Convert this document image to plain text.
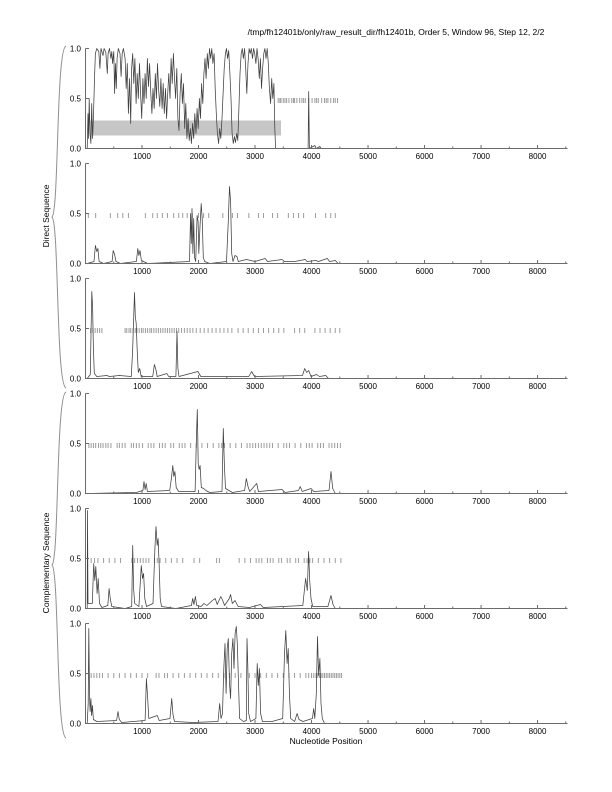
/tmp/fh12401b/only/raw_result_dir/fh12401b, Order 5, Window 96, Step 12, 2/2
Direct Sequence
Complementary Sequence
Nucleotide Position
1.0
0.5
0.0
1000	2000	3000	4000	5000	6000	7000	8000
1.0
0.5
0.0
1000	2000	3000	4000	5000	6000	7000	8000
1.0
0.5
0.0
1000	2000	3000	4000	5000	6000	7000	8000
1.0
0.5
0.0
1000	2000	3000	4000	5000	6000	7000	8000
1.0
0.5
0.0
1000	2000	3000	4000	5000	6000	7000	8000
1.0
0.5
0.0
1000	2000	3000	4000	5000	6000	7000	8000
